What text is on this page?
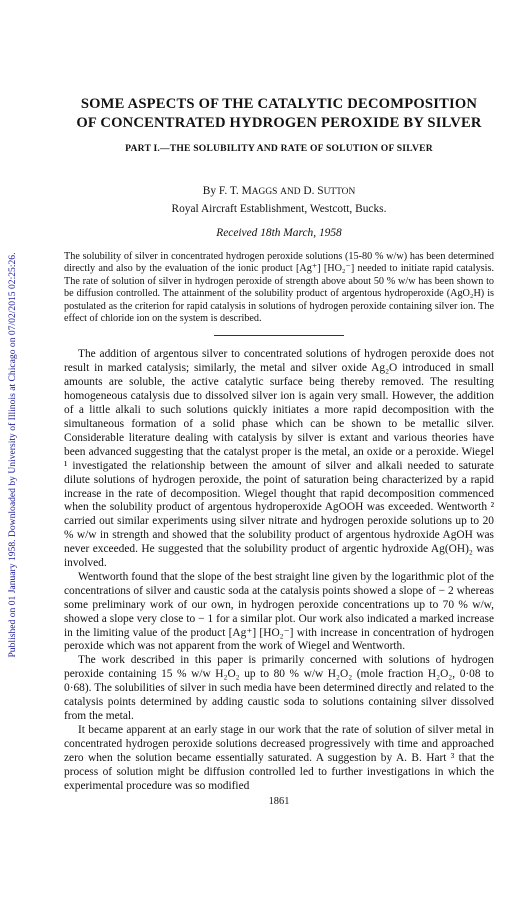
Published on 01 January 1958. Downloaded by University of Illinois at Chicago on 07/02/2015 02:25:26.
SOME ASPECTS OF THE CATALYTIC DECOMPOSITION
OF CONCENTRATED HYDROGEN PEROXIDE BY SILVER
PART I.—THE SOLUBILITY AND RATE OF SOLUTION OF SILVER
By F. T. MAGGS AND D. SUTTON
Royal Aircraft Establishment, Westcott, Bucks.
Received 18th March, 1958
The solubility of silver in concentrated hydrogen peroxide solutions (15-80 % w/w) has been determined directly and also by the evaluation of the ionic product [Ag⁺] [HO₂⁻] needed to initiate rapid catalysis. The rate of solution of silver in hydrogen peroxide of strength above about 50 % w/w has been shown to be diffusion controlled. The attainment of the solubility product of argentous hydroperoxide (AgO₂H) is postulated as the criterion for rapid catalysis in solutions of hydrogen peroxide containing silver ion. The effect of chloride ion on the system is described.

The addition of argentous silver to concentrated solutions of hydrogen peroxide does not result in marked catalysis; similarly, the metal and silver oxide Ag₂O introduced in small amounts are soluble, the active catalytic surface being thereby removed. The resulting homogeneous catalysis due to dissolved silver ion is again very small. However, the addition of a little alkali to such solutions quickly initiates a more rapid decomposition with the simultaneous formation of a solid phase which can be shown to be metallic silver. Considerable literature dealing with catalysis by silver is extant and various theories have been advanced suggesting that the catalyst proper is the metal, an oxide or a peroxide. Wiegel ¹ investigated the relationship between the amount of silver and alkali needed to saturate dilute solutions of hydrogen peroxide, the point of saturation being characterized by a rapid increase in the rate of decomposition. Wiegel thought that rapid decomposition commenced when the solubility product of argentous hydroperoxide AgOOH was exceeded. Wentworth ² carried out similar experiments using silver nitrate and hydrogen peroxide solutions up to 20 % w/w in strength and showed that the solubility product of argentous hydroxide AgOH was never exceeded. He suggested that the solubility product of argentic hydroxide Ag(OH)₂ was involved.

Wentworth found that the slope of the best straight line given by the logarithmic plot of the concentrations of silver and caustic soda at the catalysis points showed a slope of − 2 whereas some preliminary work of our own, in hydrogen peroxide concentrations up to 70 % w/w, showed a slope very close to − 1 for a similar plot. Our work also indicated a marked increase in the limiting value of the product [Ag⁺] [HO₂⁻] with increase in concentration of hydrogen peroxide which was not apparent from the work of Wiegel and Wentworth.

The work described in this paper is primarily concerned with solutions of hydrogen peroxide containing 15 % w/w H₂O₂ up to 80 % w/w H₂O₂ (mole fraction H₂O₂, 0·08 to 0·68). The solubilities of silver in such media have been determined directly and related to the catalysis points determined by adding caustic soda to solutions containing silver dissolved from the metal.

It became apparent at an early stage in our work that the rate of solution of silver metal in concentrated hydrogen peroxide solutions decreased progressively with time and approached zero when the solution became essentially saturated. A suggestion by A. B. Hart ³ that the process of solution might be diffusion controlled led to further investigations in which the experimental procedure was so modified

1861
